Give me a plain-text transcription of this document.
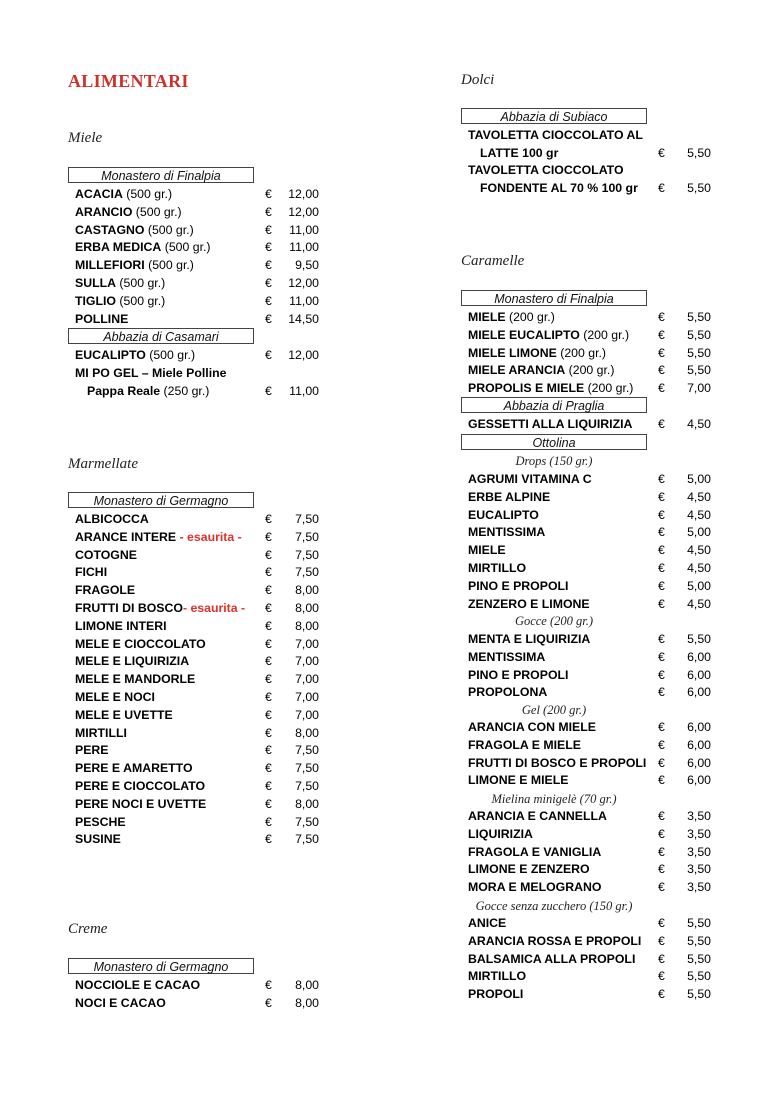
ALIMENTARI
Miele
Monastero di Finalpia
ACACIA (500 gr.)	€	12,00
ARANCIO (500 gr.)	€	12,00
CASTAGNO (500 gr.)	€	11,00
ERBA MEDICA (500 gr.)	€	11,00
MILLEFIORI (500 gr.)	€	9,50
SULLA (500 gr.)	€	12,00
TIGLIO (500 gr.)	€	11,00
POLLINE	€	14,50
Abbazia di Casamari
EUCALIPTO (500 gr.)	€	12,00
MI PO GEL – Miele Polline
Pappa Reale (250 gr.)	€	11,00
Marmellate
Monastero di Germagno
ALBICOCCA	€	7,50
ARANCE INTERE - esaurita - €	7,50
COTOGNE	€	7,50
FICHI	€	7,50
FRAGOLE	€	8,00
FRUTTI DI BOSCO- esaurita - €	8,00
LIMONE INTERI	€	8,00
MELE E CIOCCOLATO	€	7,00
MELE E LIQUIRIZIA	€	7,00
MELE E MANDORLE	€	7,00
MELE E NOCI	€	7,00
MELE E UVETTE	€	7,00
MIRTILLI	€	8,00
PERE	€	7,50
PERE E AMARETTO	€	7,50
PERE E CIOCCOLATO	€	7,50
PERE NOCI E UVETTE	€	8,00
PESCHE	€	7,50
SUSINE	€	7,50
Creme
Monastero di Germagno
NOCCIOLE E CACAO	€	8,00
NOCI E CACAO	€	8,00
Dolci
Abbazia di Subiaco
TAVOLETTA CIOCCOLATO AL
LATTE 100 gr	€	5,50
TAVOLETTA CIOCCOLATO
FONDENTE AL 70 % 100 gr €	5,50
Caramelle
Monastero di Finalpia
MIELE (200 gr.)	€	5,50
MIELE EUCALIPTO (200 gr.) €	5,50
MIELE LIMONE (200 gr.)	€	5,50
MIELE ARANCIA (200 gr.)	€	5,50
PROPOLIS E MIELE (200 gr.) €	7,00
Abbazia di Praglia
GESSETTI ALLA LIQUIRIZIA €	4,50
Ottolina
Drops (150 gr.)
AGRUMI VITAMINA C	€	5,00
ERBE ALPINE	€	4,50
EUCALIPTO	€	4,50
MENTISSIMA	€	5,00
MIELE	€	4,50
MIRTILLO	€	4,50
PINO E PROPOLI	€	5,00
ZENZERO E LIMONE	€	4,50
Gocce (200 gr.)
MENTA E LIQUIRIZIA	€	5,50
MENTISSIMA	€	6,00
PINO E PROPOLI	€	6,00
PROPOLONA	€	6,00
Gel (200 gr.)
ARANCIA CON MIELE	€	6,00
FRAGOLA E MIELE	€	6,00
FRUTTI DI BOSCO E PROPOLI €	6,00
LIMONE E MIELE	€	6,00
Mielina minigelè (70 gr.)
ARANCIA E CANNELLA	€	3,50
LIQUIRIZIA	€	3,50
FRAGOLA E VANIGLIA	€	3,50
LIMONE E ZENZERO	€	3,50
MORA E MELOGRANO	€	3,50
Gocce senza zucchero (150 gr.)
ANICE	€	5,50
ARANCIA ROSSA E PROPOLI €	5,50
BALSAMICA ALLA PROPOLI €	5,50
MIRTILLO	€	5,50
PROPOLI	€	5,50
